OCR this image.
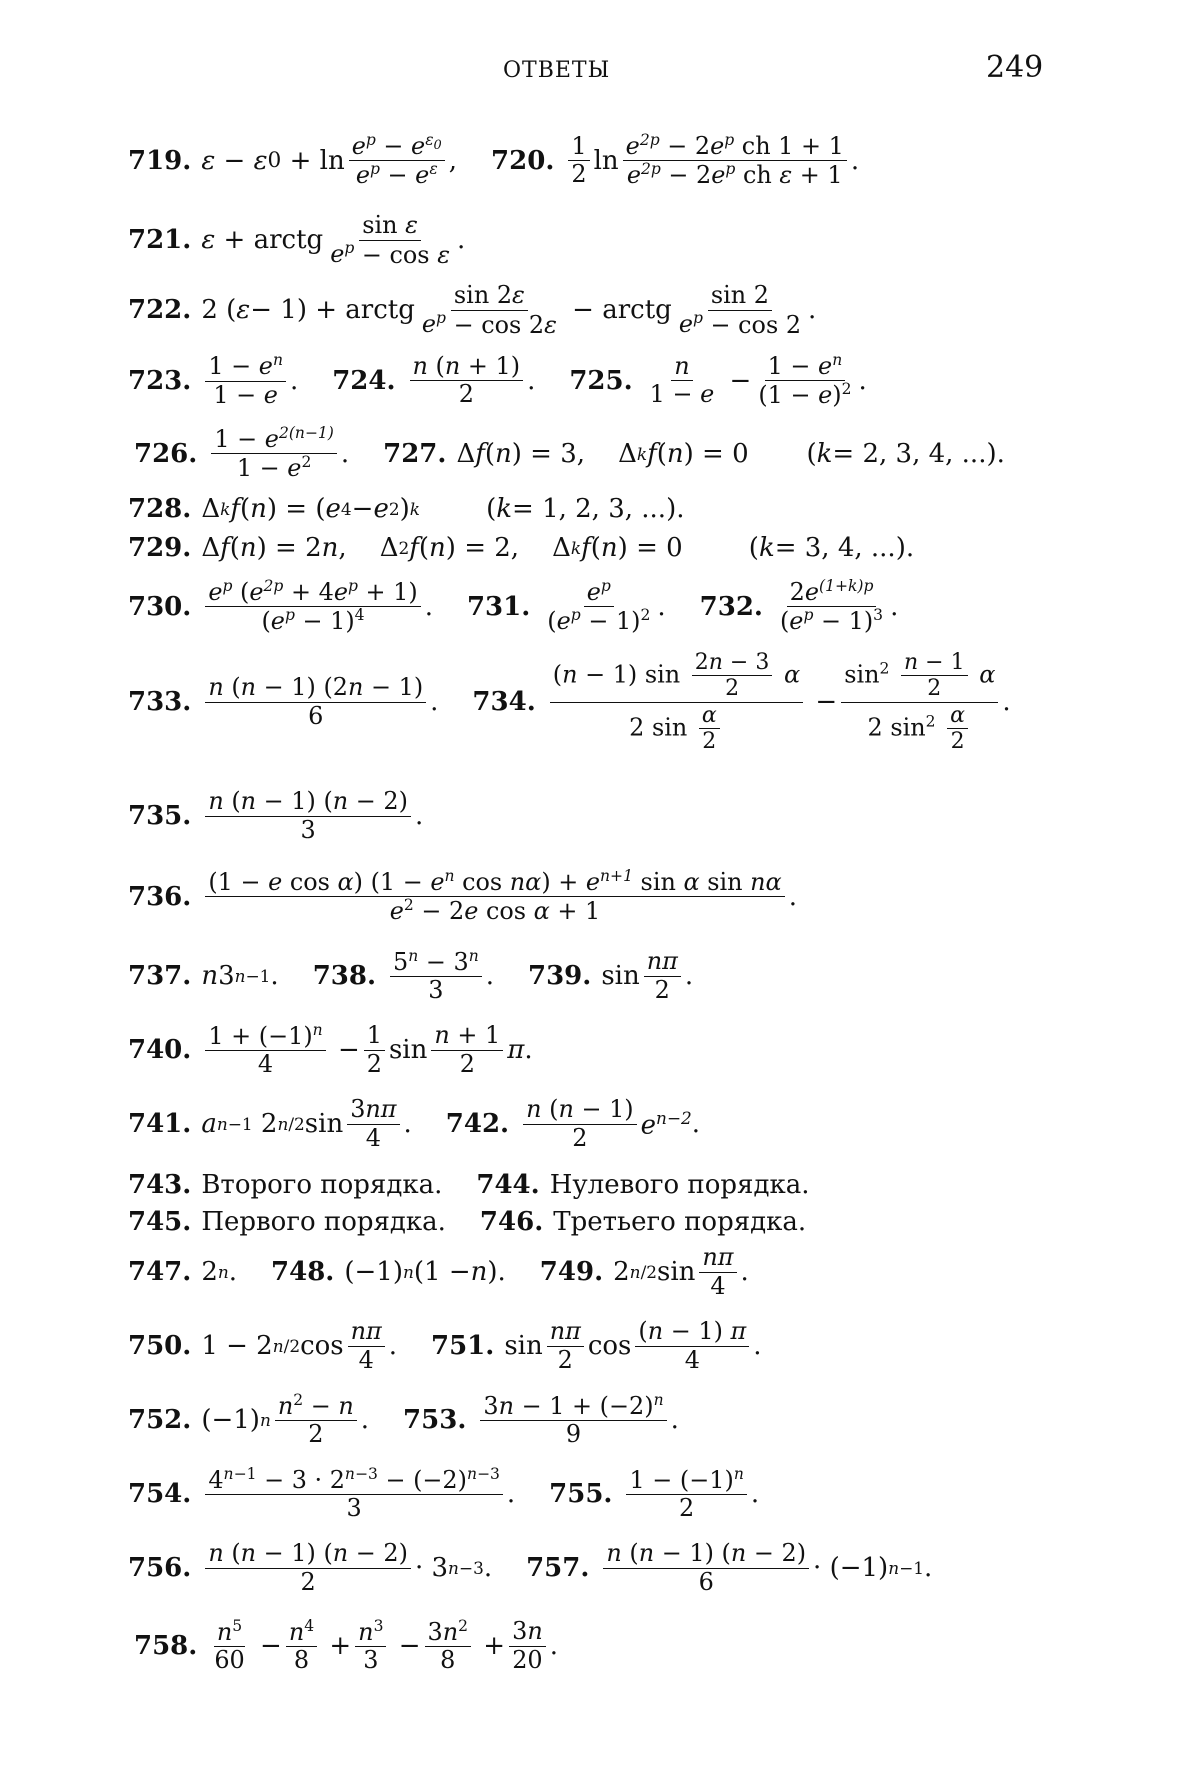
ОТВЕТЫ	249
719. ε − ε $0 + \ln \frac{e^p - e^{\varepsilon_0}}{e^p - e^\varepsilon}$ , 720. $\frac{1}{2}$ $\ln \frac{e^{2p} - 2e^p ch 1 + 1}{e^{2p} - 2e^p ch \varepsilon + 1}$ .
721. ε + arctg $\frac{\text{sin ε}}{e^p - \cos \varepsilon}$ .
722. 2 ( ε − 1) + arctg $\frac{\sin 2\varepsilon}{e^p - \cos 2\varepsilon}$ − arctg $\frac{\sin 2}{e^p - \cos 2}$ .
723. $\frac{1 - e^n}{1 - e}$ . 724. $\frac{n (n + 1)}{2}$ . 725. $\frac{n}{1 - e} - \frac{1 - e^n}{(1 - e)^2}$ .
726. $\frac{1 - e^{2(n-1)}}{1 - e^2}$ . 727. Δ f ( n ) = 3,    Δ k f ( n ) = 0       ( k = 2, 3, 4, ...).
728. Δ k f ( n ) = ( e 4 − e 2 ) k ( k = 1, 2, 3, ...).
729. Δ f ( n ) = 2 n ,    Δ 2 f ( n ) = 2,    Δ k f ( n ) = 0        ( k = 3, 4, ...).
730. $\frac{e^p (e^{2p} + 4e^p + 1)}{(e^p - 1)^4}$ . 731. $\frac{e^p}{(e^p - 1)^2}$ . 732. $\frac{2e^{(1+k)p}}{(e^p - 1)^3}$ .
733. $\frac{n (n - 1) (2n - 1)}{6}$ . 734. $\frac{(n - 1) \sin \frac{2n - 3}{2} \alpha}{2 \sin \frac{\alpha}{2}} - \frac{\sin^2 \frac{n - 1}{2} \alpha}{2 \sin^2 \frac{\alpha}{2}}$ .
735. $\frac{n (n - 1) (n - 2)}{3}$ .
736. $\frac{(1 - e \cos \alpha) (1 - e^n \cos n\alpha) + e^{n+1} \sin \alpha \sin n\alpha}{e^2 - 2e \cos \alpha + 1}$ .
737. n 3 n−1 . 738. $\frac{5^n - 3^n}{3}$ . 739. $\sin \frac{n\pi}{2}$ .
740. $\frac{1 + (-1)^n}{4} - \frac{1}{2}$ $\sin \frac{n + 1}{2}$ π .
741. a n−1 2 n/2 $\sin \frac{3n\pi}{4}$ . 742. $\frac{n (n - 1)}{2} e^{n-2}$ .
743. Второго порядка. 744. Нулевого порядка.
745. Первого порядка. 746. Третьего порядка.
747. 2 n . 748. (−1) n (1 − n ). 749. 2 n/2 $\sin \frac{n\pi}{4}$ .
750. 1 − 2 n/2 $\cos \frac{n\pi}{4}$ . 751. $\sin \frac{n\pi}{2}$ $\cos \frac{(n - 1) \pi}{4}$ .
752. (−1) n $\frac{n^2 - n}{2}$ . 753. $\frac{3n - 1 + (-2)^n}{9}$ .
754. $\frac{4^{n-1} - 3 \cdot 2^{n-3} - (-2)^{n-3}}{3}$ . 755. $\frac{1 - (-1)^n}{2}$ .
756. $\frac{n (n - 1) (n - 2)}{2} \cdot 3$ n−3 . 757. $\frac{n (n - 1) (n - 2)}{6} \cdot (-1)$ n−1 .
758. $\frac{n^5}{60} - \frac{n^4}{8} + \frac{n^3}{3} - \frac{3n^2}{8} + \frac{3n}{20}$ .
